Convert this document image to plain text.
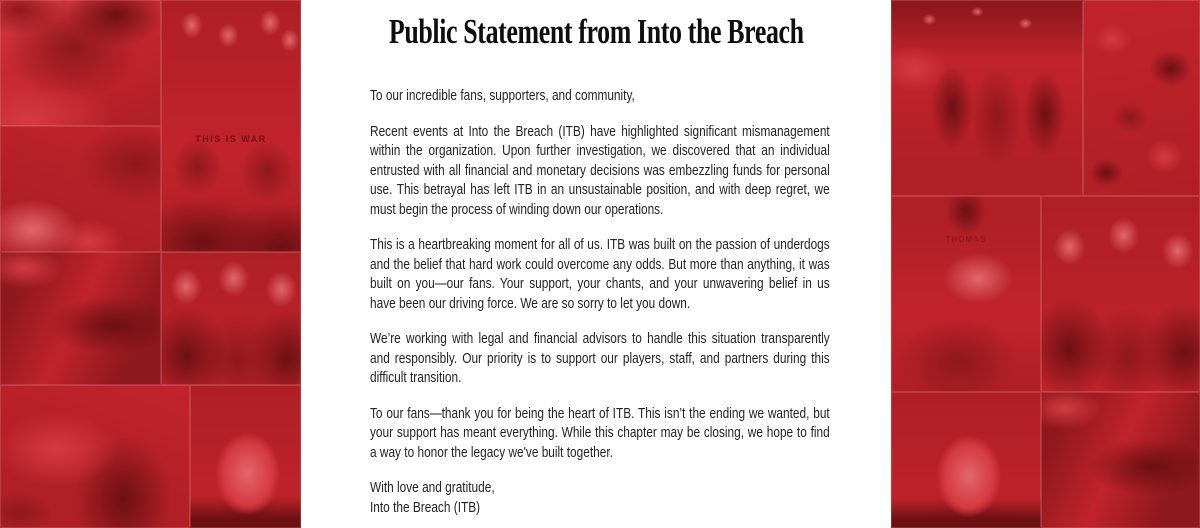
THIS IS WAR
Public Statement from Into the Breach

To our incredible fans, supporters, and community,

Recent events at Into the Breach (ITB) have highlighted significant mismanagement within the organization. Upon further investigation, we discovered that an individual entrusted with all financial and monetary decisions was embezzling funds for personal use. This betrayal has left ITB in an unsustainable position, and with deep regret, we must begin the process of winding down our operations.

This is a heartbreaking moment for all of us. ITB was built on the passion of underdogs and the belief that hard work could overcome any odds. But more than anything, it was built on you—our fans. Your support, your chants, and your unwavering belief in us have been our driving force. We are so sorry to let you down.

We’re working with legal and financial advisors to handle this situation transparently and responsibly. Our priority is to support our players, staff, and partners during this difficult transition.

To our fans—thank you for being the heart of ITB. This isn’t the ending we wanted, but your support has meant everything. While this chapter may be closing, we hope to find a way to honor the legacy we've built together.

With love and gratitude,
Into the Breach (ITB)

THOMAS
